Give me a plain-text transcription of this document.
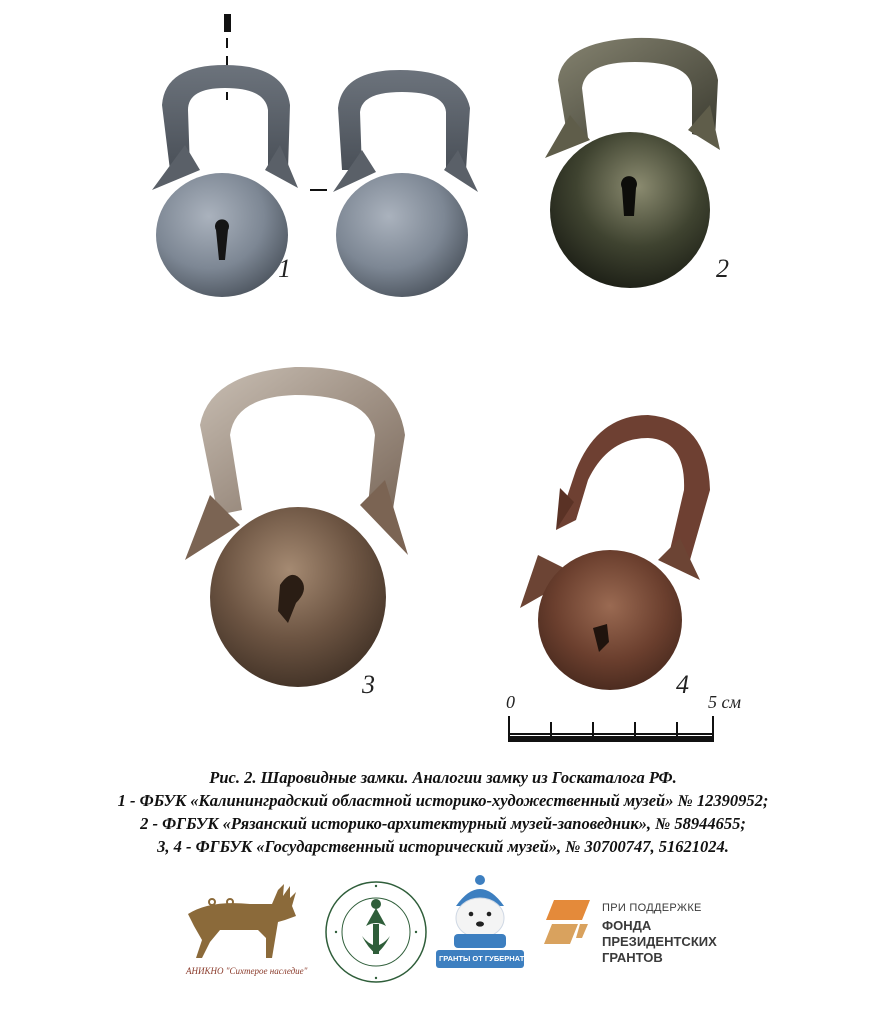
1	2
3	4
0	5 см
Рис. 2. Шаровидные замки. Аналогии замку из Госкаталога РФ.
1 - ФБУК «Калининградский областной историко-художественный музей» № 12390952;
2 - ФГБУК «Рязанский историко-архитектурный музей-заповедник», № 58944655;
3, 4 - ФГБУК «Государственный исторический музей», № 30700747, 51621024.
АНИКНО "Сихтерое наследие"
ГРАНТЫ ОТ ГУБЕРНАТОРА
ПРИ ПОДДЕРЖКЕ
ФОНДА
ПРЕЗИДЕНТСКИХ
ГРАНТОВ
